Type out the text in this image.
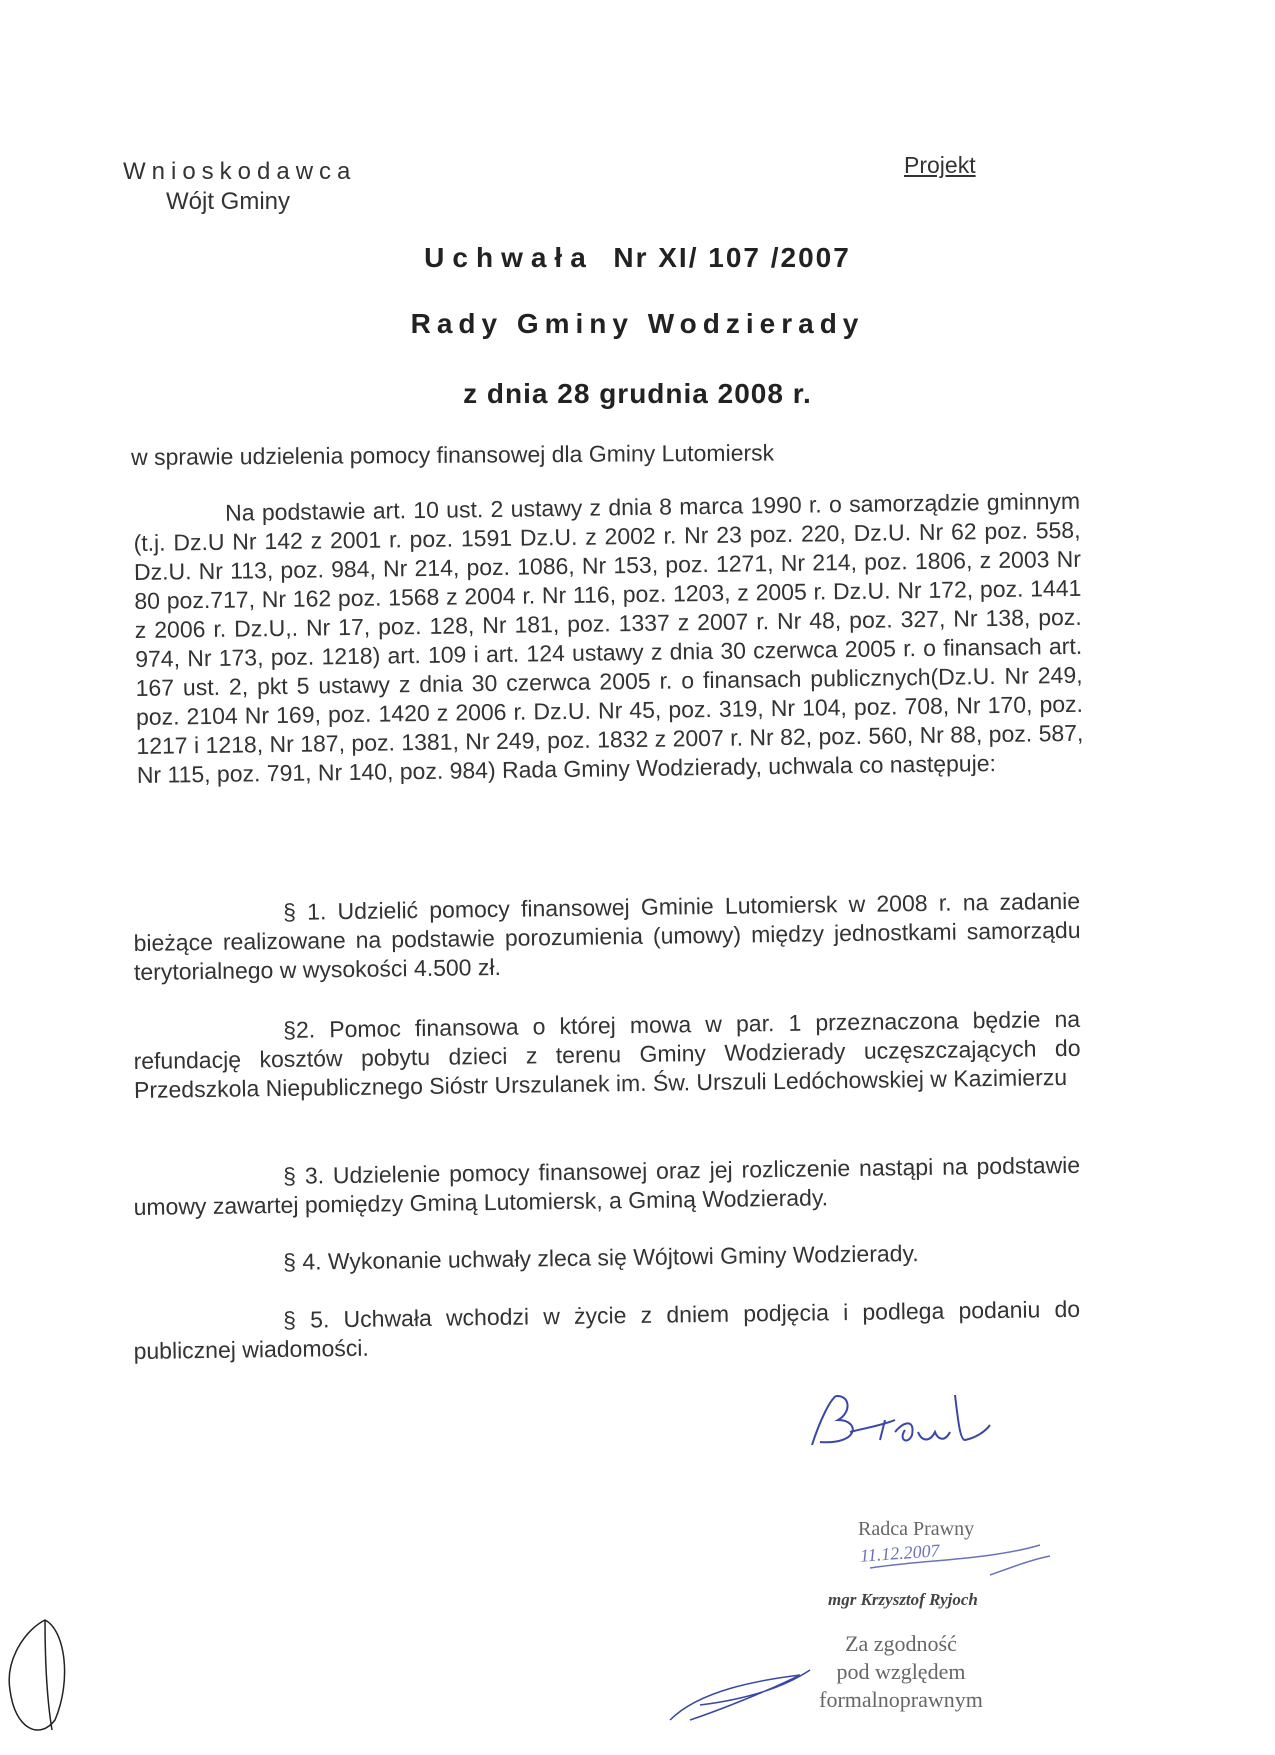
Wnioskodawca
Wójt Gminy
Projekt
Uchwała Nr XI/ 107 /2007
Rady Gminy Wodzierady
z dnia 28 grudnia 2008 r.
w sprawie udzielenia pomocy finansowej dla Gminy Lutomiersk
Na podstawie art. 10 ust. 2 ustawy z dnia 8 marca 1990 r. o samorządzie gminnym (t.j. Dz.U Nr 142 z 2001 r. poz. 1591 Dz.U. z 2002 r. Nr 23 poz. 220, Dz.U. Nr 62 poz. 558, Dz.U. Nr 113, poz. 984, Nr 214, poz. 1086, Nr 153, poz. 1271, Nr 214, poz. 1806, z 2003 Nr 80 poz.717, Nr 162 poz. 1568 z 2004 r. Nr 116, poz. 1203, z 2005 r. Dz.U. Nr 172, poz. 1441 z 2006 r. Dz.U,. Nr 17, poz. 128, Nr 181, poz. 1337 z 2007 r. Nr 48, poz. 327, Nr 138, poz. 974, Nr 173, poz. 1218) art. 109 i art. 124 ustawy z dnia 30 czerwca 2005 r. o finansach art. 167 ust. 2, pkt 5 ustawy z dnia 30 czerwca 2005 r. o finansach publicznych(Dz.U. Nr 249, poz. 2104 Nr 169, poz. 1420 z 2006 r. Dz.U. Nr 45, poz. 319, Nr 104, poz. 708, Nr 170, poz. 1217 i 1218, Nr 187, poz. 1381, Nr 249, poz. 1832 z 2007 r. Nr 82, poz. 560, Nr 88, poz. 587, Nr 115, poz. 791, Nr 140, poz. 984) Rada Gminy Wodzierady, uchwala co następuje:
§ 1. Udzielić pomocy finansowej Gminie Lutomiersk w 2008 r. na zadanie bieżące realizowane na podstawie porozumienia (umowy) między jednostkami samorządu terytorialnego w wysokości 4.500 zł.
§2. Pomoc finansowa o której mowa w par. 1 przeznaczona będzie na refundację kosztów pobytu dzieci z terenu Gminy Wodzierady uczęszczających do Przedszkola Niepublicznego Sióstr Urszulanek im. Św. Urszuli Ledóchowskiej w Kazimierzu
§ 3. Udzielenie pomocy finansowej oraz jej rozliczenie nastąpi na podstawie umowy zawartej pomiędzy Gminą Lutomiersk, a Gminą Wodzierady.
§ 4. Wykonanie uchwały zleca się Wójtowi Gminy Wodzierady.
§ 5. Uchwała wchodzi w życie z dniem podjęcia i podlega podaniu do publicznej wiadomości.
Radca Prawny
11.12.2007
mgr Krzysztof Ryjoch
Za zgodność
pod względem
formalnoprawnym
